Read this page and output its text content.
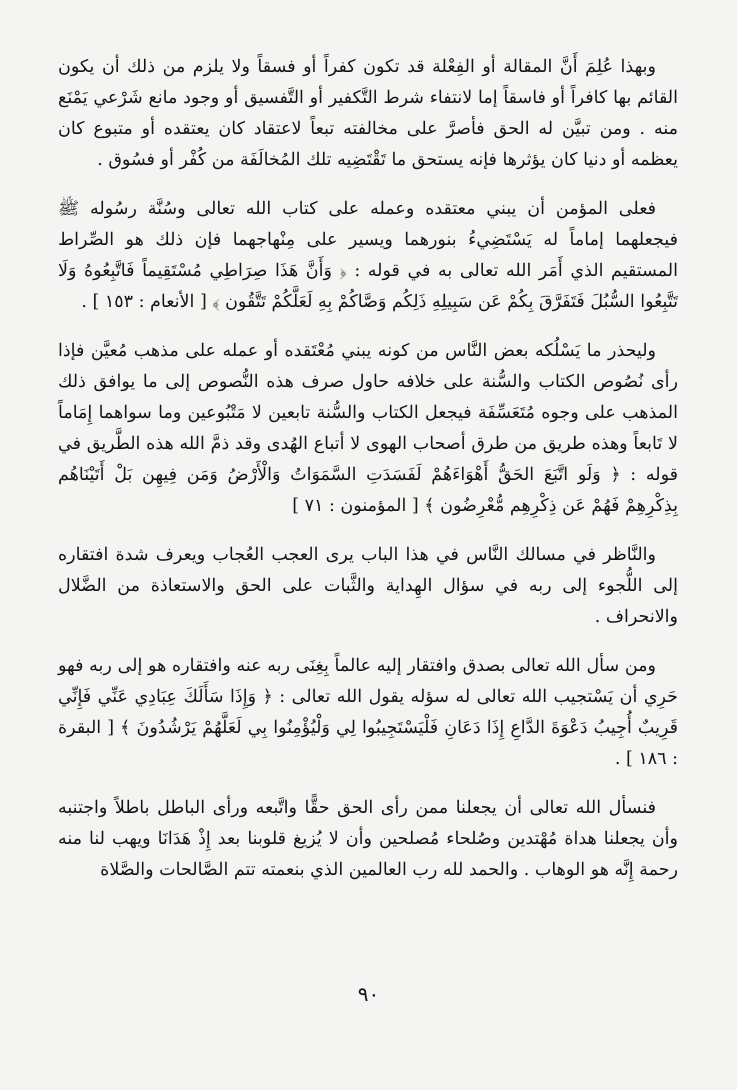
وبهذا عُلِمَ أَنَّ المقالة أو الفِعْلة قد تكون كفراً أو فسقاً ولا يلزم من ذلك أن يكون القائم بها كافراً أو فاسقاً إما لانتفاء شرط التَّكفير أو التَّفسيق أو وجود مانع شَرْعي يَمْنَع منه . ومن تبيَّن له الحق فأصرَّ على مخالفته تبعاً لاعتقاد كان يعتقده أو متبوع كان يعظمه أو دنيا كان يؤثرها فإنه يستحق ما تَقْتَضِيه تلك المُخالَفَة من كُفْر أو فسُوق .

فعلى المؤمن أن يبني معتقده وعمله على كتاب الله تعالى وسُنَّة رسُوله ﷺ فيجعلهما إماماً له يَسْتَضِيءُ بنورهما ويسير على مِنْهاجهما فإن ذلك هو الصِّراط المستقيم الذي أَمَر الله تعالى به في قوله : ﴿ وَأَنَّ هَذَا صِرَاطِي مُسْتَقِيماً فَاتَّبِعُوهُ وَلَا تَتَّبِعُوا السُّبُلَ فَتَفَرَّقَ بِكُمْ عَن سَبِيلِهِ ذَلِكُم وَصَّاكُمْ بِهِ لَعَلَّكُمْ تَتَّقُون ﴾ [ الأنعام : ١٥٣ ] .

وليحذر ما يَسْلُكه بعض النَّاس من كونه يبني مُعْتَقده أو عمله على مذهب مُعيَّن فإذا رأى نُصُوص الكتاب والسُّنة على خلافه حاول صرف هذه النُّصوص إلى ما يوافق ذلك المذهب على وجوه مُتَعَسِّفَة فيجعل الكتاب والسُّنة تابعين لا مَتْبُوعين وما سواهما إِمَاماً لا تَابعاً وهذه طريق من طرق أصحاب الهوى لا أتباع الهُدى وقد ذمَّ الله هذه الطَّريق في قوله : ﴿ وَلَو اتَّبَعَ الحَقُّ أَهْوَاءَهُمْ لَفَسَدَتِ السَّمَوَاتُ وَالْأَرْضُ وَمَن فِيهِن بَلْ أَتَيْنَاهُم بِذِكْرِهِمْ فَهُمْ عَن ذِكْرِهِم مُّعْرِضُون ﴾ [ المؤمنون : ٧١ ]

والنَّاظر في مسالك النَّاس في هذا الباب يرى العجب العُجاب ويعرف شدة افتقاره إلى اللُّجوء إلى ربه في سؤال الهِداية والثَّبات على الحق والاستعاذة من الضَّلال والانحراف .

ومن سأل الله تعالى بصدق وافتقار إليه عالماً بِغِنَى ربه عنه وافتقاره هو إلى ربه فهو حَرِي أن يَسْتجيب الله تعالى له سؤله يقول الله تعالى : ﴿ وَإِذَا سَأَلَكَ عِبَادِي عَنِّي فَإِنِّي قَرِيبٌ أُجِيبُ دَعْوَةَ الدَّاعِ إِذَا دَعَانِ فَلْيَسْتَجِيبُوا لِي وَلْيُؤْمِنُوا بِي لَعَلَّهُمْ يَرْشُدُونَ ﴾ [ البقرة : ١٨٦ ] .

فنسأل الله تعالى أن يجعلنا ممن رأى الحق حقًّا واتَّبعه ورأى الباطل باطلاً واجتنبه وأن يجعلنا هداة مُهْتدين وصُلحاء مُصلحين وأن لا يُزيغ قلوبنا بعد إِذْ هَدَانَا ويهب لنا منه رحمة إِنَّه هو الوهاب . والحمد لله رب العالمين الذي بنعمته تتم الصَّالحات والصَّلاة

٩٠
